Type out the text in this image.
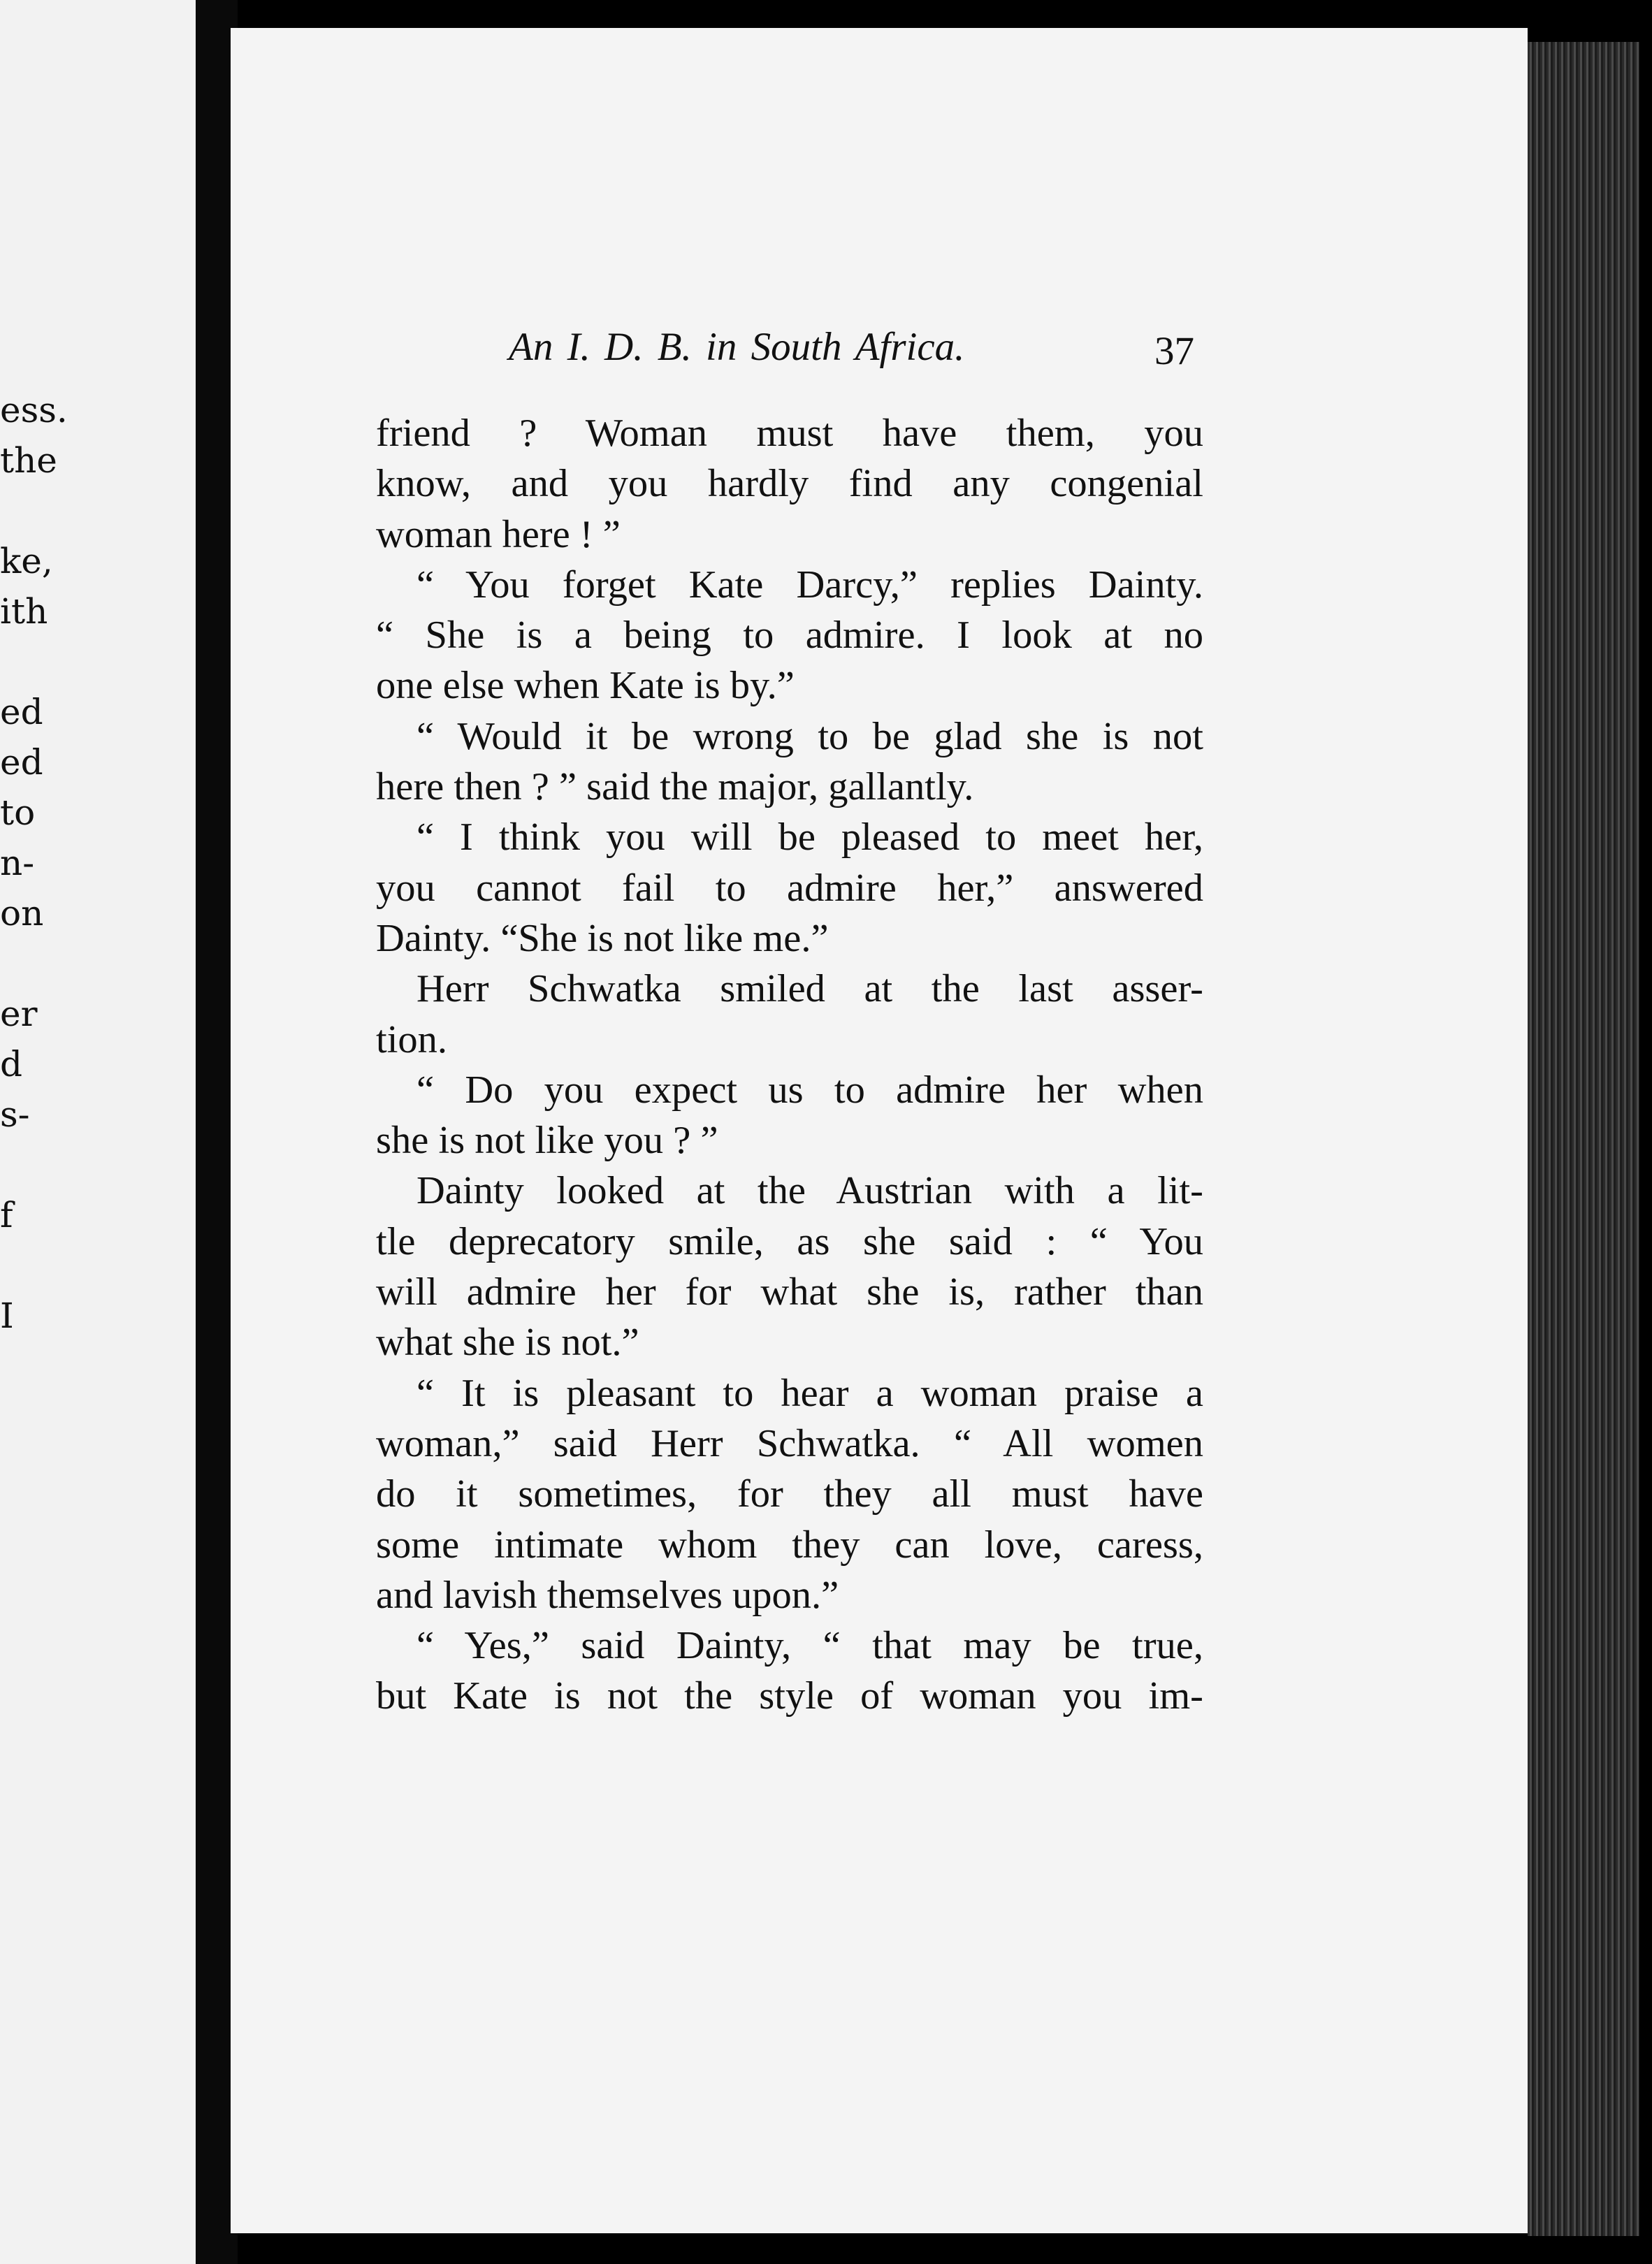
ess.
the
ke,
ith
ed
ed
to
n-
on
er
d
s-
f
I
An I. D. B. in South Africa.	37
friend ? Woman must have them, you
know, and you hardly find any congenial
woman here ! ”
“ You forget Kate Darcy,” replies Dainty.
“ She is a being to admire. I look at no
one else when Kate is by.”
“ Would it be wrong to be glad she is not
here then ? ” said the major, gallantly.
“ I think you will be pleased to meet her,
you cannot fail to admire her,” answered
Dainty. “She is not like me.”
Herr Schwatka smiled at the last asser-
tion.
“ Do you expect us to admire her when
she is not like you ? ”
Dainty looked at the Austrian with a lit-
tle deprecatory smile, as she said : “ You
will admire her for what she is, rather than
what she is not.”
“ It is pleasant to hear a woman praise a
woman,” said Herr Schwatka. “ All women
do it sometimes, for they all must have
some intimate whom they can love, caress,
and lavish themselves upon.”
“ Yes,” said Dainty, “ that may be true,
but Kate is not the style of woman you im-
